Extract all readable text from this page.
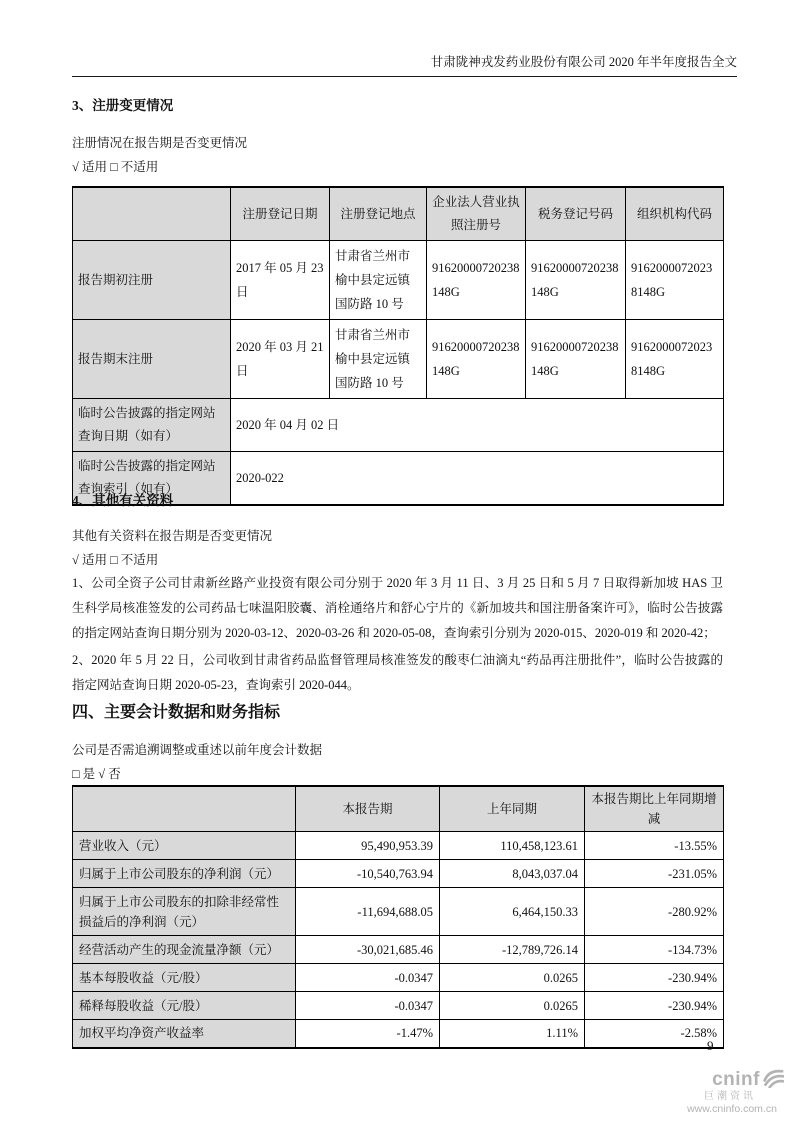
甘肃陇神戎发药业股份有限公司 2020 年半年度报告全文
3、注册变更情况
注册情况在报告期是否变更情况
√ 适用 □ 不适用
	注册登记日期	注册登记地点	企业法人营业执照注册号	税务登记号码	组织机构代码
报告期初注册	2017 年 05 月 23 日	甘肃省兰州市榆中县定远镇国防路 10 号	91620000720238148G	91620000720238148G	91620000720238148G
报告期末注册	2020 年 03 月 21 日	甘肃省兰州市榆中县定远镇国防路 10 号	91620000720238148G	91620000720238148G	91620000720238148G
临时公告披露的指定网站查询日期（如有）	2020 年 04 月 02 日				
临时公告披露的指定网站查询索引（如有）	2020-022				
4、其他有关资料
其他有关资料在报告期是否变更情况
√ 适用 □ 不适用

1、公司全资子公司甘肃新丝路产业投资有限公司分别于 2020 年 3 月 11 日、3 月 25 日和 5 月 7 日取得新加坡 HAS 卫生科学局核准签发的公司药品七味温阳胶囊、消栓通络片和舒心宁片的《新加坡共和国注册备案许可》，临时公告披露的指定网站查询日期分别为 2020-03-12、2020-03-26 和 2020-05-08，查询索引分别为 2020-015、2020-019 和 2020-42；

2、2020 年 5 月 22 日，公司收到甘肃省药品监督管理局核准签发的酸枣仁油滴丸“药品再注册批件”，临时公告披露的指定网站查询日期 2020-05-23，查询索引 2020-044。

四、主要会计数据和财务指标
公司是否需追溯调整或重述以前年度会计数据
□ 是 √ 否
	本报告期	上年同期	本报告期比上年同期增减
营业收入（元）	95,490,953.39	110,458,123.61	-13.55%
归属于上市公司股东的净利润（元）	-10,540,763.94	8,043,037.04	-231.05%
归属于上市公司股东的扣除非经常性损益后的净利润（元）	-11,694,688.05	6,464,150.33	-280.92%
经营活动产生的现金流量净额（元）	-30,021,685.46	-12,789,726.14	-134.73%
基本每股收益（元/股）	-0.0347	0.0265	-230.94%
稀释每股收益（元/股）	-0.0347	0.0265	-230.94%
加权平均净资产收益率	-1.47%	1.11%	-2.58%
9
cninf
巨潮资讯
www.cninfo.com.cn
